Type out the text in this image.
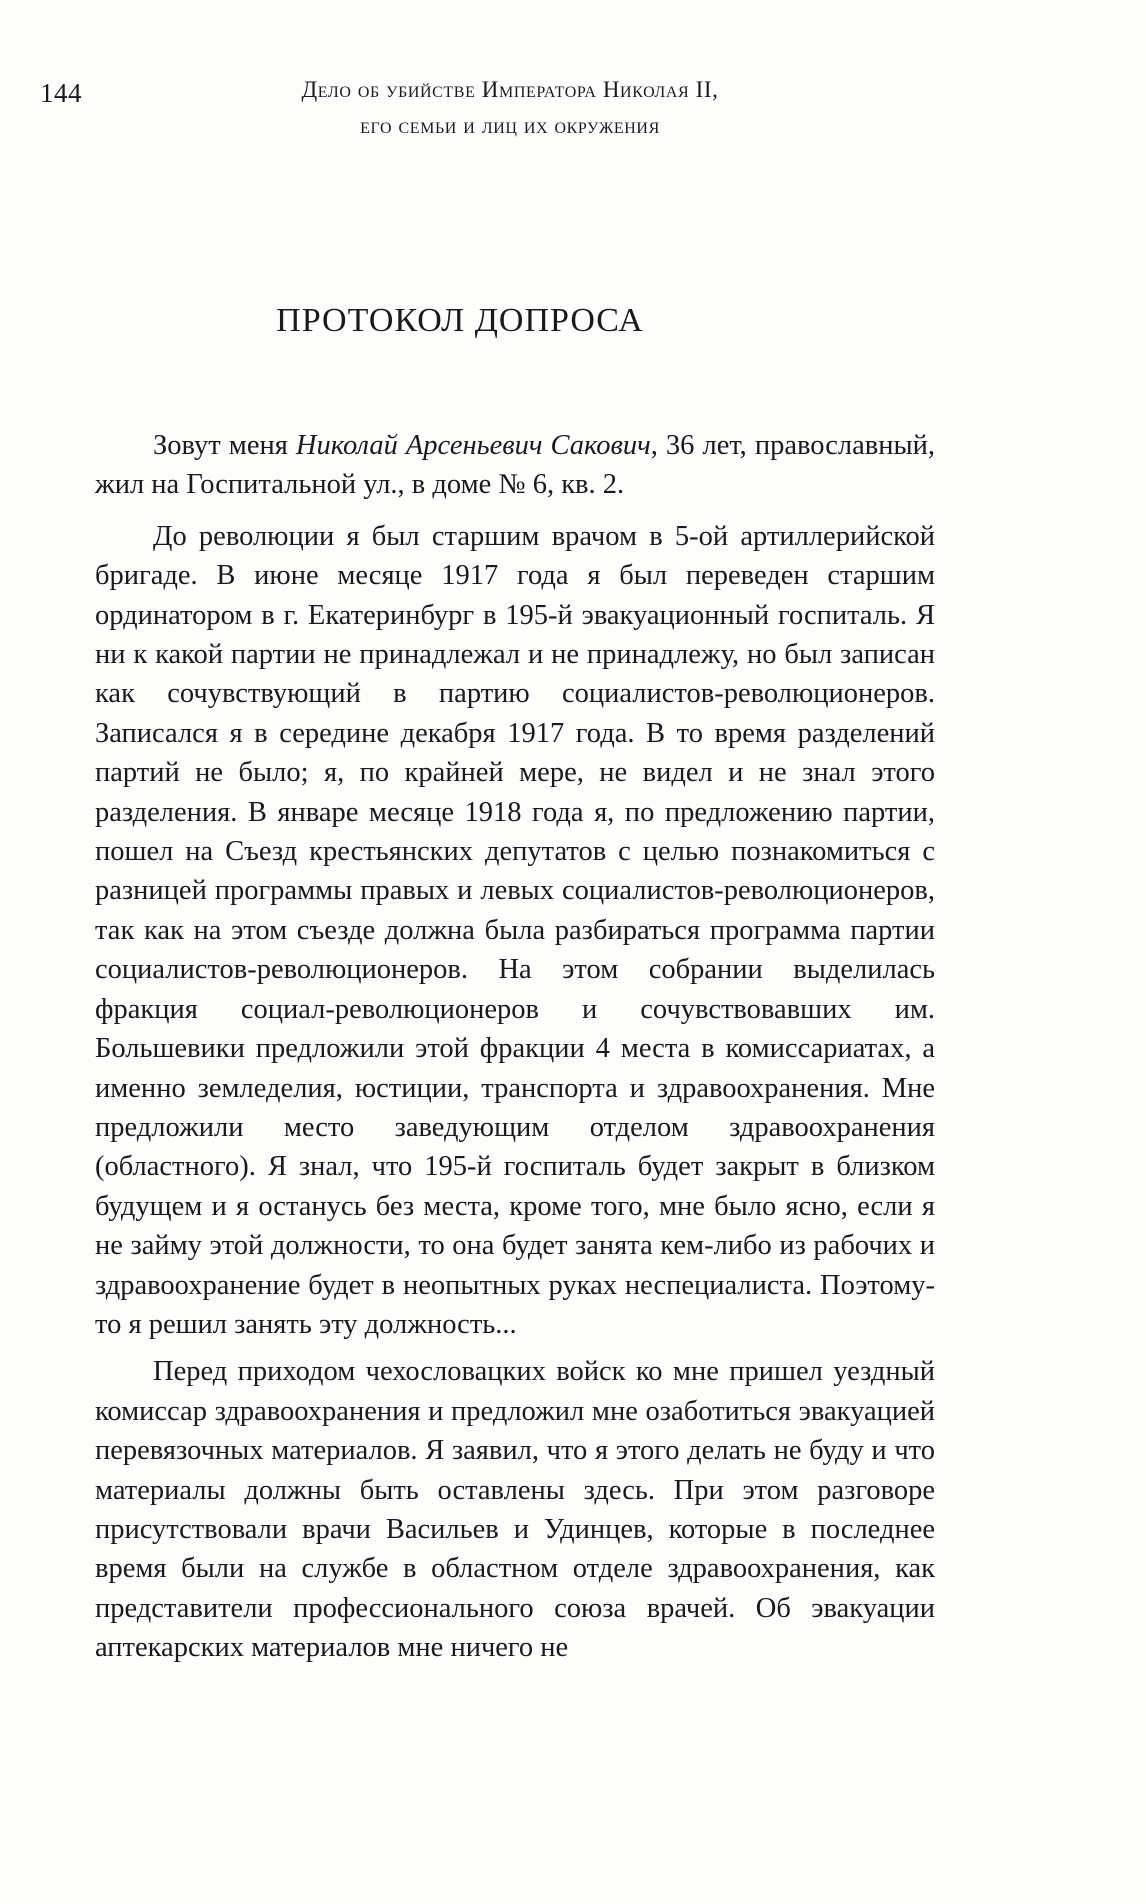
144	Дело об убийстве Императора Николая II,
его семьи и лиц их окружения
ПРОТОКОЛ ДОПРОСА

Зовут меня Николай Арсеньевич Сакович, 36 лет, православный, жил на Госпитальной ул., в доме № 6, кв. 2.

До революции я был старшим врачом в 5-ой артиллерийской бригаде. В июне месяце 1917 года я был переведен старшим ординатором в г. Екатеринбург в 195-й эвакуационный госпиталь. Я ни к какой партии не принадлежал и не принадлежу, но был записан как сочувствующий в партию социалистов-революционеров. Записался я в середине декабря 1917 года. В то время разделений партий не было; я, по крайней мере, не видел и не знал этого разделения. В январе месяце 1918 года я, по предложению партии, пошел на Съезд крестьянских депутатов с целью познакомиться с разницей программы правых и левых социалистов-революционеров, так как на этом съезде должна была разбираться программа партии социалистов-революционеров. На этом собрании выделилась фракция социал-революционеров и сочувствовавших им. Большевики предложили этой фракции 4 места в комиссариатах, а именно земледелия, юстиции, транспорта и здравоохранения. Мне предложили место заведующим отделом здравоохранения (областного). Я знал, что 195-й госпиталь будет закрыт в близком будущем и я останусь без места, кроме того, мне было ясно, если я не займу этой должности, то она будет занята кем-либо из рабочих и здравоохранение будет в неопытных руках неспециалиста. Поэтому-то я решил занять эту должность...

Перед приходом чехословацких войск ко мне пришел уездный комиссар здравоохранения и предложил мне озаботиться эвакуацией перевязочных материалов. Я заявил, что я этого делать не буду и что материалы должны быть оставлены здесь. При этом разговоре присутствовали врачи Васильев и Удинцев, которые в последнее время были на службе в областном отделе здравоохранения, как представители профессионального союза врачей. Об эвакуации аптекарских материалов мне ничего не
